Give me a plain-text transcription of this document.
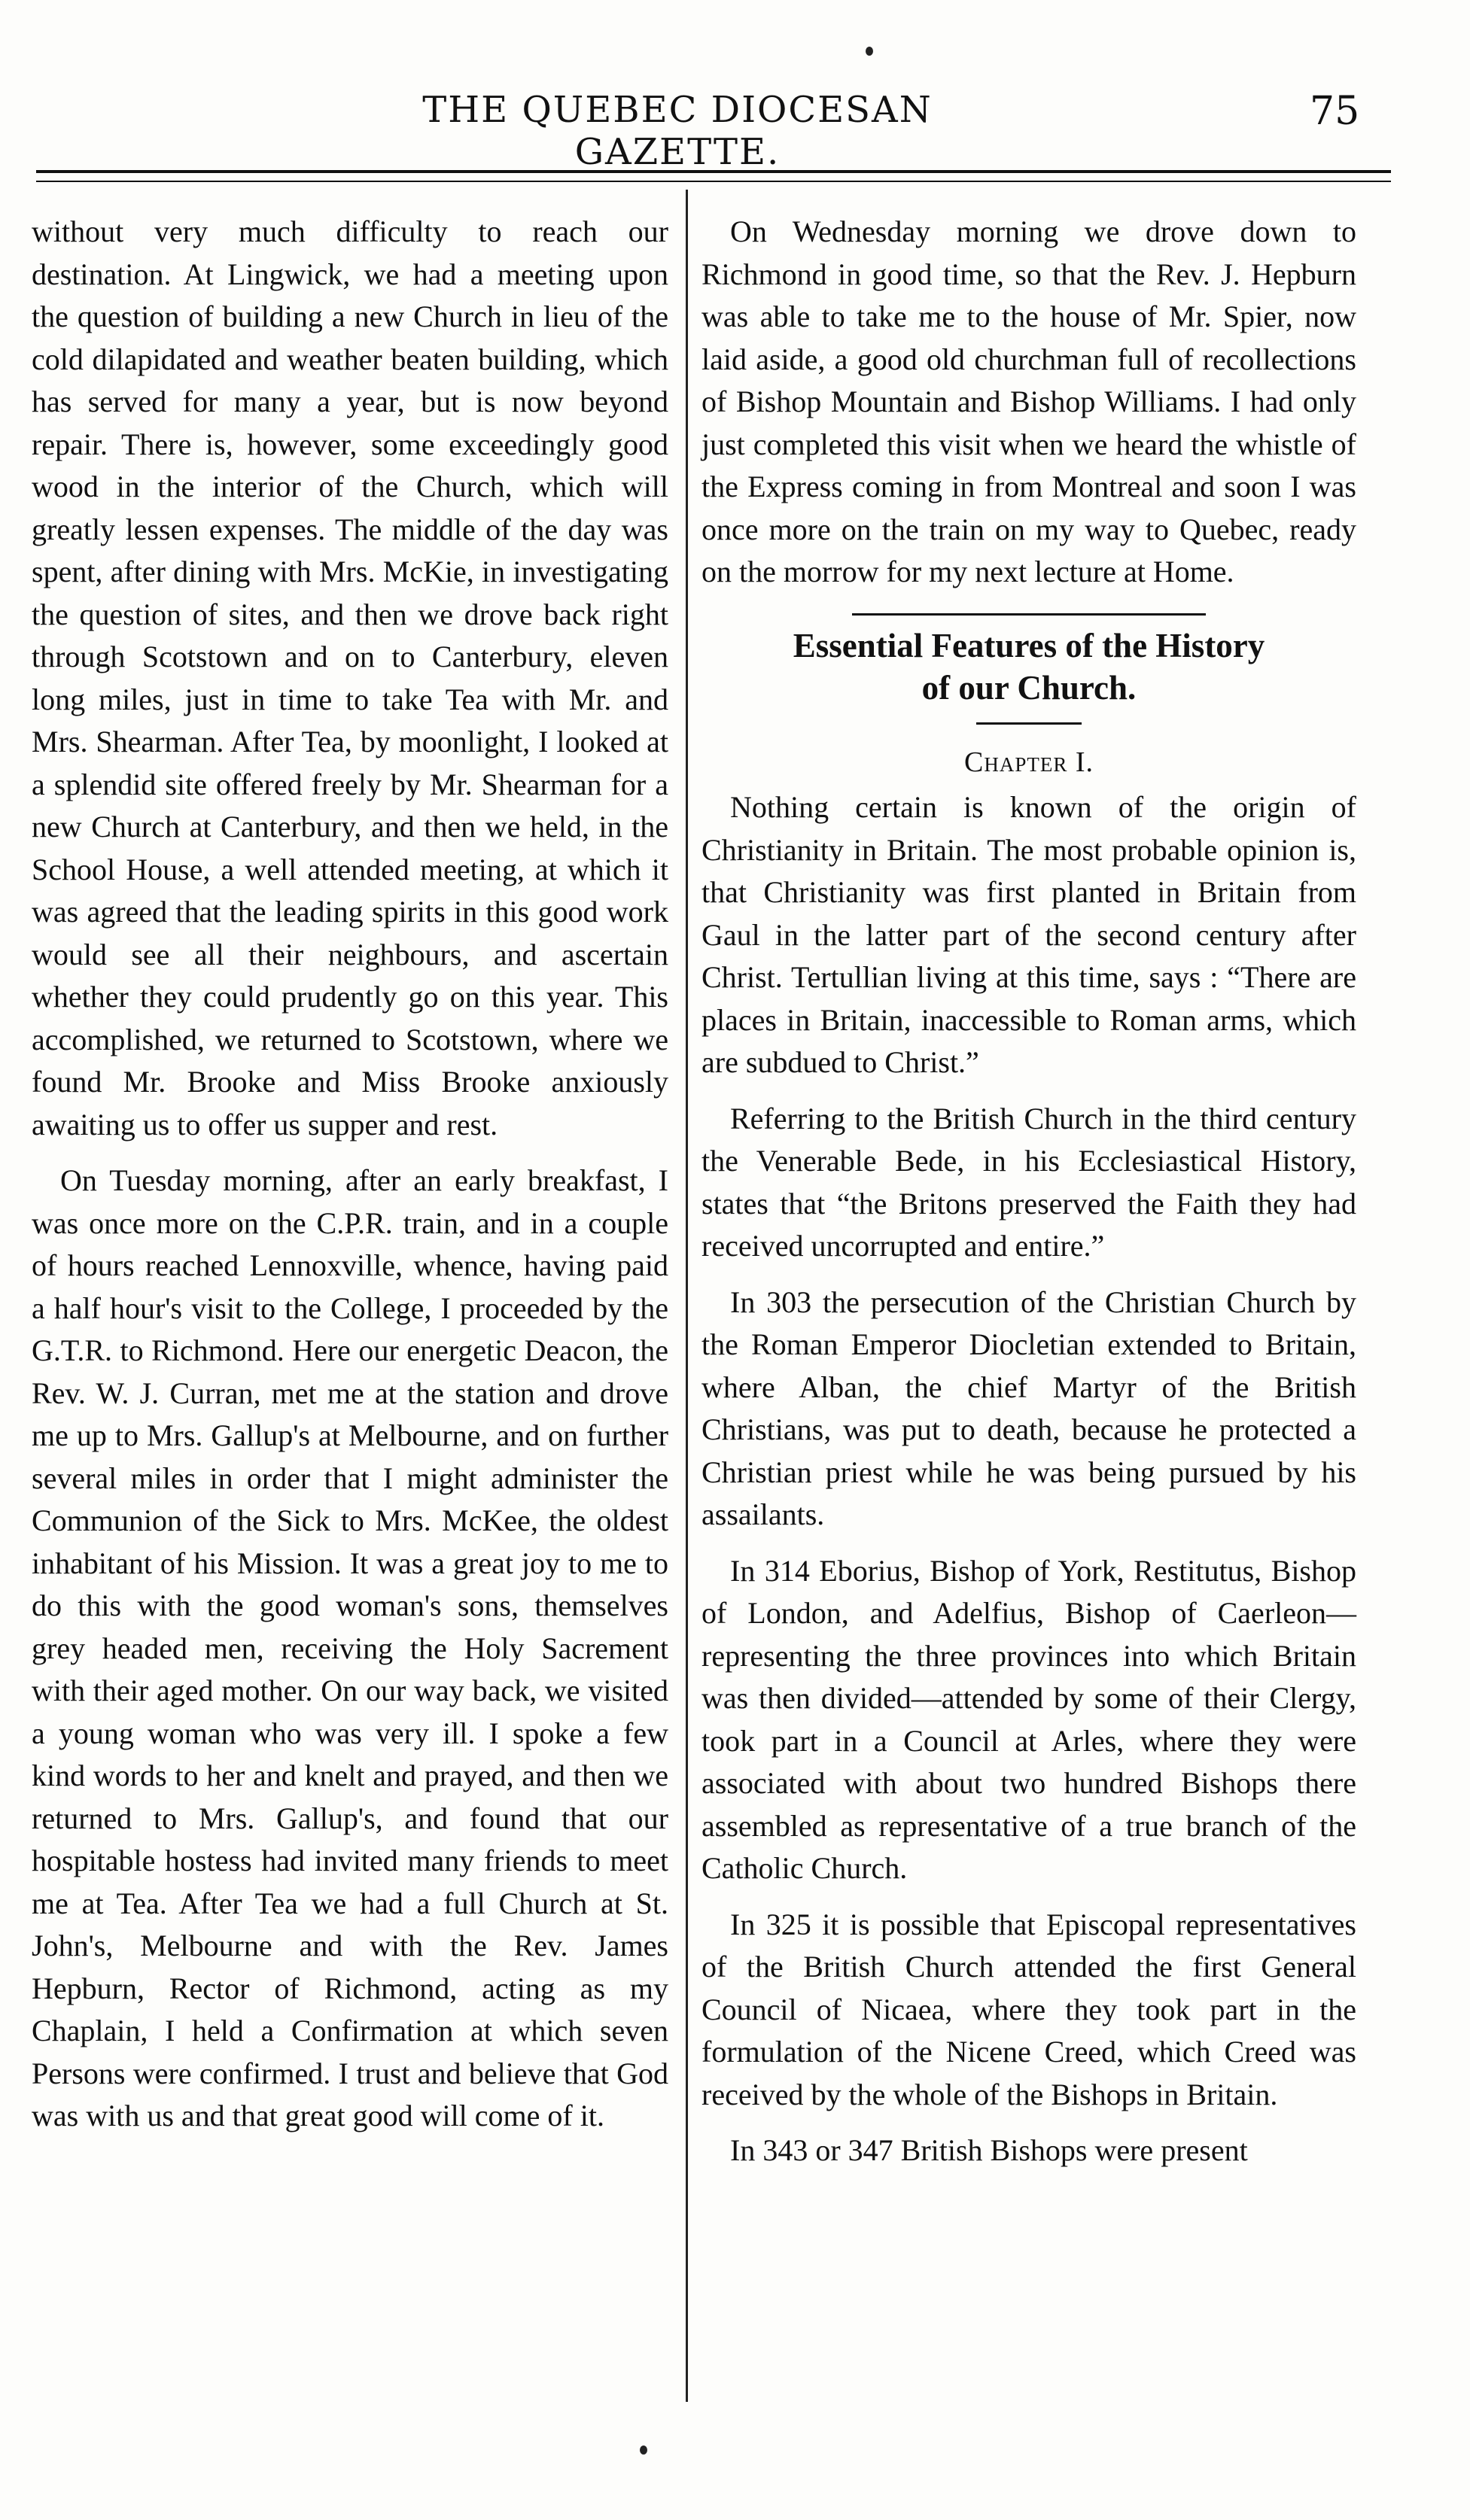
THE QUEBEC DIOCESAN GAZETTE.
75

without very much difficulty to reach our destination. At Lingwick, we had a meeting upon the question of building a new Church in lieu of the cold dilapidated and weather beaten building, which has served for many a year, but is now beyond repair. There is, however, some exceedingly good wood in the interior of the Church, which will greatly lessen expenses. The middle of the day was spent, after dining with Mrs. McKie, in investigating the question of sites, and then we drove back right through Scotstown and on to Canterbury, eleven long miles, just in time to take Tea with Mr. and Mrs. Shearman. After Tea, by moonlight, I looked at a splendid site offered freely by Mr. Shearman for a new Church at Canterbury, and then we held, in the School House, a well attended meeting, at which it was agreed that the leading spirits in this good work would see all their neighbours, and ascertain whether they could prudently go on this year. This accomplished, we returned to Scotstown, where we found Mr. Brooke and Miss Brooke anxiously awaiting us to offer us supper and rest.

On Tuesday morning, after an early breakfast, I was once more on the C.P.R. train, and in a couple of hours reached Lennoxville, whence, having paid a half hour's visit to the College, I proceeded by the G.T.R. to Richmond. Here our energetic Deacon, the Rev. W. J. Curran, met me at the station and drove me up to Mrs. Gallup's at Melbourne, and on further several miles in order that I might administer the Communion of the Sick to Mrs. McKee, the oldest inhabitant of his Mission. It was a great joy to me to do this with the good woman's sons, themselves grey headed men, receiving the Holy Sacrement with their aged mother. On our way back, we visited a young woman who was very ill. I spoke a few kind words to her and knelt and prayed, and then we returned to Mrs. Gallup's, and found that our hospitable hostess had invited many friends to meet me at Tea. After Tea we had a full Church at St. John's, Melbourne and with the Rev. James Hepburn, Rector of Richmond, acting as my Chaplain, I held a Confirmation at which seven Persons were confirmed. I trust and believe that God was with us and that great good will come of it.

On Wednesday morning we drove down to Richmond in good time, so that the Rev. J. Hepburn was able to take me to the house of Mr. Spier, now laid aside, a good old churchman full of recollections of Bishop Mountain and Bishop Williams. I had only just completed this visit when we heard the whistle of the Express coming in from Montreal and soon I was once more on the train on my way to Quebec, ready on the morrow for my next lecture at Home.

Essential Features of the History
of our Church.
Chapter I.

Nothing certain is known of the origin of Christianity in Britain. The most probable opinion is, that Christianity was first planted in Britain from Gaul in the latter part of the second century after Christ. Tertullian living at this time, says : “There are places in Britain, inaccessible to Roman arms, which are subdued to Christ.”

Referring to the British Church in the third century the Venerable Bede, in his Ecclesiastical History, states that “the Britons preserved the Faith they had received uncorrupted and entire.”

In 303 the persecution of the Christian Church by the Roman Emperor Diocletian extended to Britain, where Alban, the chief Martyr of the British Christians, was put to death, because he protected a Christian priest while he was being pursued by his assailants.

In 314 Eborius, Bishop of York, Restitutus, Bishop of London, and Adelfius, Bishop of Caerleon—representing the three provinces into which Britain was then divided—attended by some of their Clergy, took part in a Council at Arles, where they were associated with about two hundred Bishops there assembled as representative of a true branch of the Catholic Church.

In 325 it is possible that Episcopal representatives of the British Church attended the first General Council of Nicaea, where they took part in the formulation of the Nicene Creed, which Creed was received by the whole of the Bishops in Britain.

In 343 or 347 British Bishops were present
